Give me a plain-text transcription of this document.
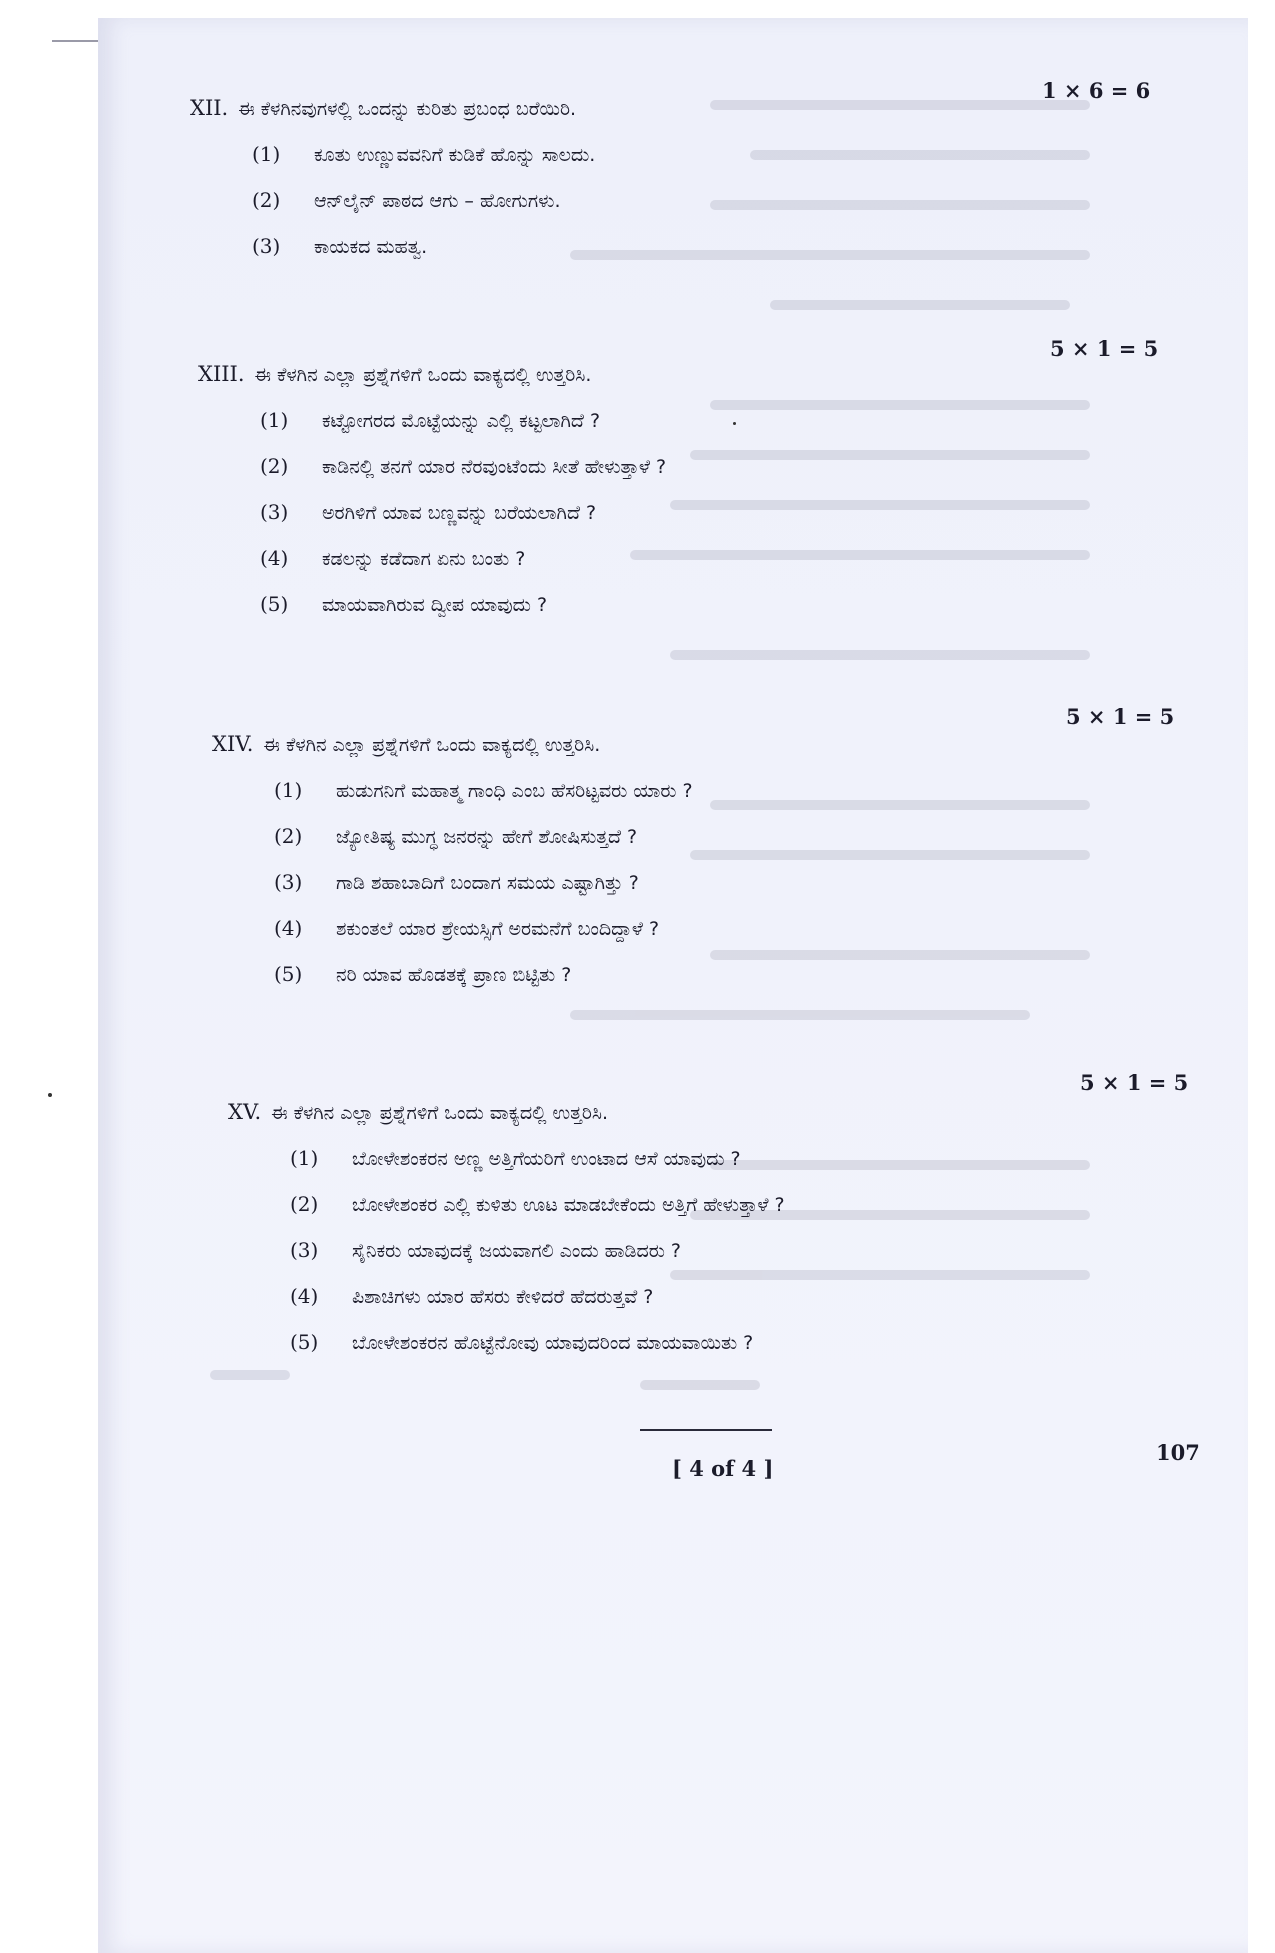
XII. ಈ ಕೆಳಗಿನವುಗಳಲ್ಲಿ ಒಂದನ್ನು ಕುರಿತು ಪ್ರಬಂಧ ಬರೆಯಿರಿ.
(1)	ಕೂತು ಉಣ್ಣುವವನಿಗೆ ಕುಡಿಕೆ ಹೊನ್ನು ಸಾಲದು.
(2)	ಆನ್‌ಲೈನ್ ಪಾಠದ ಆಗು – ಹೋಗುಗಳು.
(3)	ಕಾಯಕದ ಮಹತ್ವ.
1 × 6 = 6
XIII. ಈ ಕೆಳಗಿನ ಎಲ್ಲಾ ಪ್ರಶ್ನೆಗಳಿಗೆ ಒಂದು ವಾಕ್ಯದಲ್ಲಿ ಉತ್ತರಿಸಿ.
(1)	ಕಟ್ಟೋಗರದ ಮೊಟ್ಟೆಯನ್ನು ಎಲ್ಲಿ ಕಟ್ಟಲಾಗಿದೆ ?
(2)	ಕಾಡಿನಲ್ಲಿ ತನಗೆ ಯಾರ ನೆರವುಂಟೆಂದು ಸೀತೆ ಹೇಳುತ್ತಾಳೆ ?
(3)	ಅರಗಿಳಿಗೆ ಯಾವ ಬಣ್ಣವನ್ನು ಬರೆಯಲಾಗಿದೆ ?
(4)	ಕಡಲನ್ನು ಕಡೆದಾಗ ಏನು ಬಂತು ?
(5)	ಮಾಯವಾಗಿರುವ ದ್ವೀಪ ಯಾವುದು ?
5 × 1 = 5
XIV. ಈ ಕೆಳಗಿನ ಎಲ್ಲಾ ಪ್ರಶ್ನೆಗಳಿಗೆ ಒಂದು ವಾಕ್ಯದಲ್ಲಿ ಉತ್ತರಿಸಿ.
(1)	ಹುಡುಗನಿಗೆ ಮಹಾತ್ಮ ಗಾಂಧಿ ಎಂಬ ಹೆಸರಿಟ್ಟವರು ಯಾರು ?
(2)	ಜ್ಯೋತಿಷ್ಯ ಮುಗ್ಧ ಜನರನ್ನು ಹೇಗೆ ಶೋಷಿಸುತ್ತದೆ ?
(3)	ಗಾಡಿ ಶಹಾಬಾದಿಗೆ ಬಂದಾಗ ಸಮಯ ಎಷ್ಟಾಗಿತ್ತು ?
(4)	ಶಕುಂತಲೆ ಯಾರ ಶ್ರೇಯಸ್ಸಿಗೆ ಅರಮನೆಗೆ ಬಂದಿದ್ದಾಳೆ ?
(5)	ನರಿ ಯಾವ ಹೊಡತಕ್ಕೆ ಪ್ರಾಣ ಬಿಟ್ಟಿತು ?
5 × 1 = 5
XV. ಈ ಕೆಳಗಿನ ಎಲ್ಲಾ ಪ್ರಶ್ನೆಗಳಿಗೆ ಒಂದು ವಾಕ್ಯದಲ್ಲಿ ಉತ್ತರಿಸಿ.
(1)	ಬೋಳೇಶಂಕರನ ಅಣ್ಣ ಅತ್ತಿಗೆಯರಿಗೆ ಉಂಟಾದ ಆಸೆ ಯಾವುದು ?
(2)	ಬೋಳೇಶಂಕರ ಎಲ್ಲಿ ಕುಳಿತು ಊಟ ಮಾಡಬೇಕೆಂದು ಅತ್ತಿಗೆ ಹೇಳುತ್ತಾಳೆ ?
(3)	ಸೈನಿಕರು ಯಾವುದಕ್ಕೆ ಜಯವಾಗಲಿ ಎಂದು ಹಾಡಿದರು ?
(4)	ಪಿಶಾಚಿಗಳು ಯಾರ ಹೆಸರು ಕೇಳಿದರೆ ಹೆದರುತ್ತವೆ ?
(5)	ಬೋಳೇಶಂಕರನ ಹೊಟ್ಟೆನೋವು ಯಾವುದರಿಂದ ಮಾಯವಾಯಿತು ?
5 × 1 = 5
[ 4 of 4 ]
107
